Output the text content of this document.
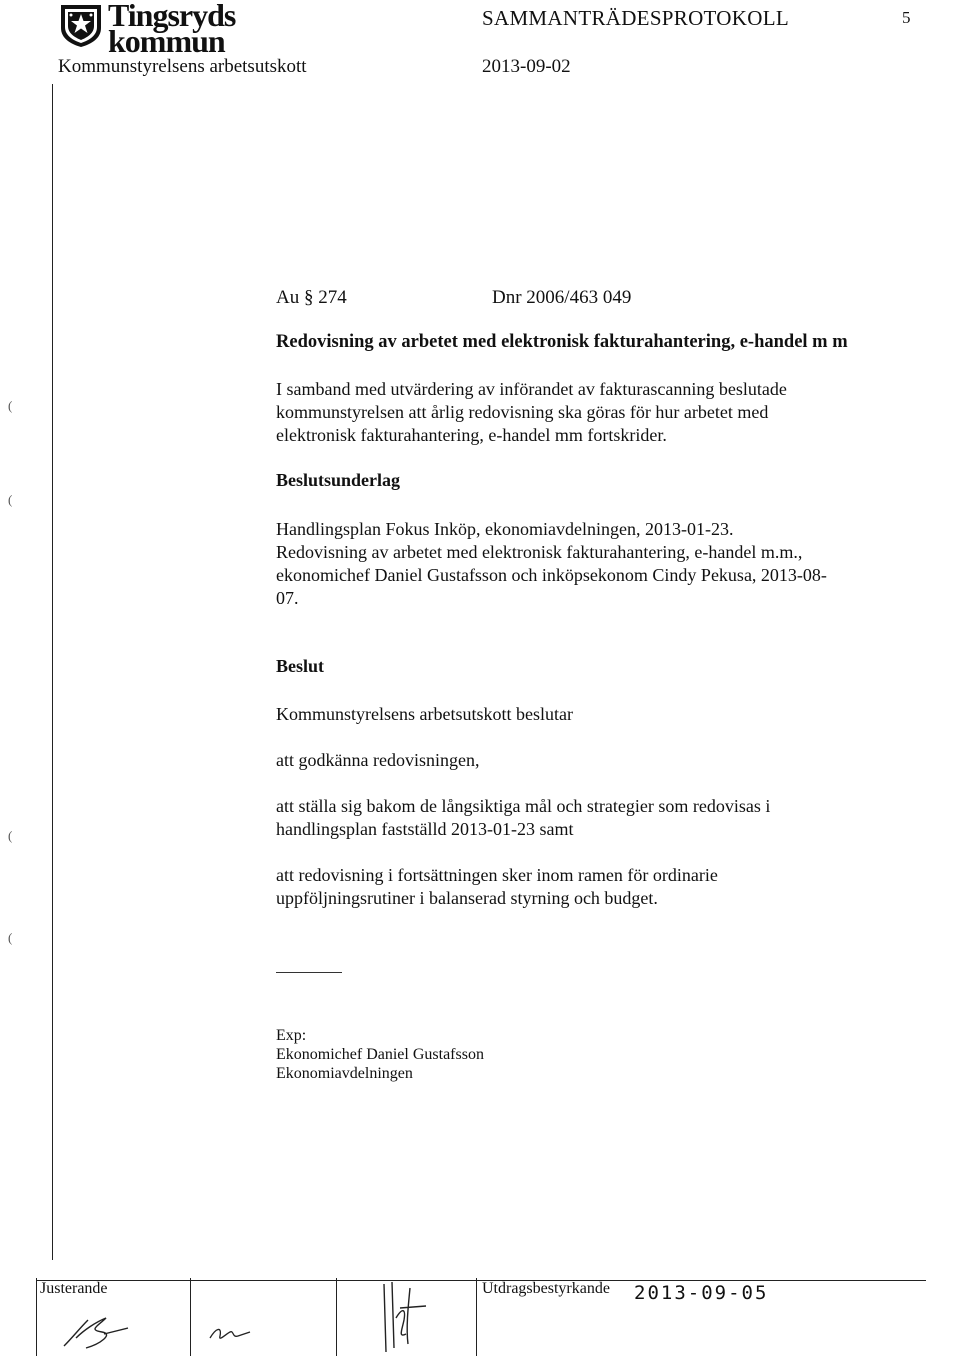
Tingsryds
kommun
Kommunstyrelsens arbetsutskott
SAMMANTRÄDESPROTOKOLL	5
2013-09-02
(
(
(
(
Au § 274	Dnr 2006/463 049
Redovisning av arbetet med elektronisk fakturahantering, e-handel m m
I samband med utvärdering av införandet av fakturascanning beslutade
kommunstyrelsen att årlig redovisning ska göras för hur arbetet med
elektronisk fakturahantering, e-handel mm fortskrider.
Beslutsunderlag
Handlingsplan Fokus Inköp, ekonomiavdelningen, 2013-01-23.
Redovisning av arbetet med elektronisk fakturahantering, e-handel m.m.,
ekonomichef Daniel Gustafsson och inköpsekonom Cindy Pekusa, 2013-08-
07.
Beslut
Kommunstyrelsens arbetsutskott beslutar
att godkänna redovisningen,
att ställa sig bakom de långsiktiga mål och strategier som redovisas i
handlingsplan fastställd 2013-01-23 samt
att redovisning i fortsättningen sker inom ramen för ordinarie
uppföljningsrutiner i balanserad styrning och budget.
Exp:
Ekonomichef Daniel Gustafsson
Ekonomiavdelningen
Justerande	Utdragsbestyrkande 2013-09-05
